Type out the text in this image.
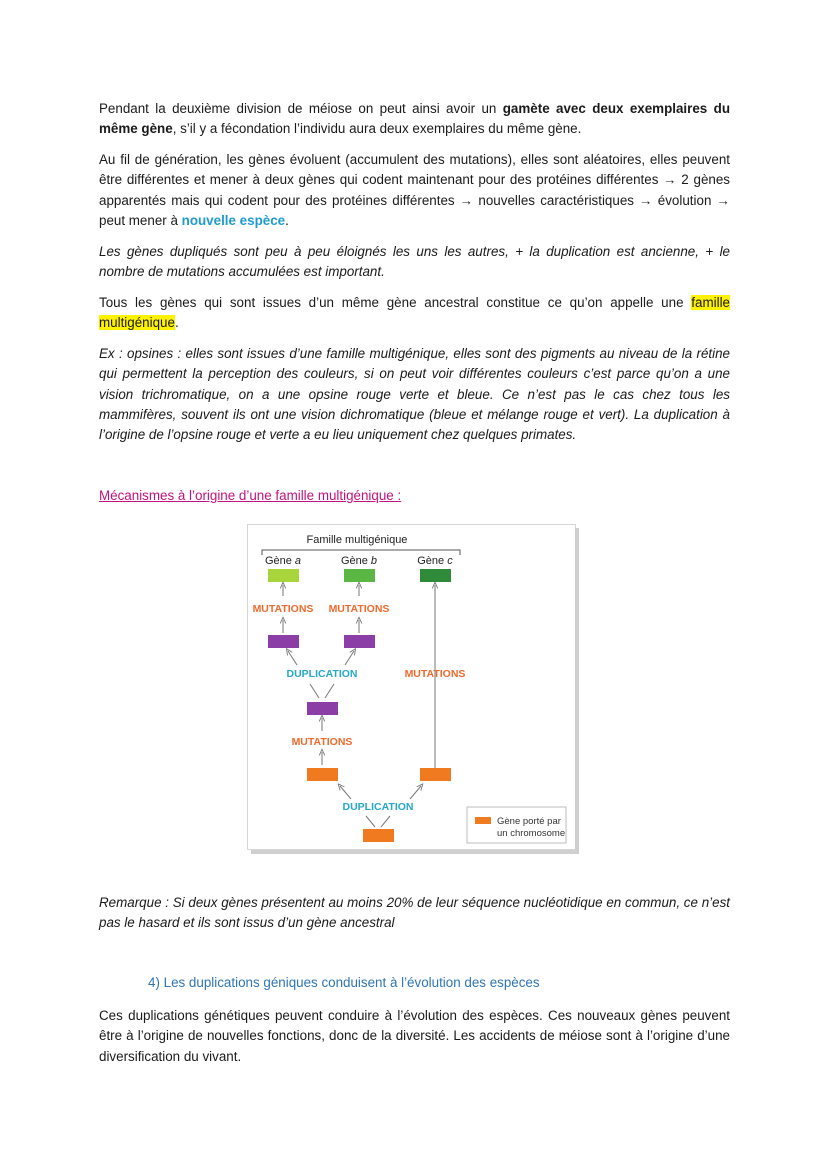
Pendant la deuxième division de méiose on peut ainsi avoir un gamète avec deux exemplaires du même gène, s’il y a fécondation l’individu aura deux exemplaires du même gène.

Au fil de génération, les gènes évoluent (accumulent des mutations), elles sont aléatoires, elles peuvent être différentes et mener à deux gènes qui codent maintenant pour des protéines différentes → 2 gènes apparentés mais qui codent pour des protéines différentes → nouvelles caractéristiques → évolution → peut mener à nouvelle espèce.

Les gènes dupliqués sont peu à peu éloignés les uns les autres, + la duplication est ancienne, + le nombre de mutations accumulées est important.

Tous les gènes qui sont issues d’un même gène ancestral constitue ce qu’on appelle une famille multigénique.

Ex : opsines : elles sont issues d’une famille multigénique, elles sont des pigments au niveau de la rétine qui permettent la perception des couleurs, si on peut voir différentes couleurs c’est parce qu’on a une vision trichromatique, on a une opsine rouge verte et bleue. Ce n’est pas le cas chez tous les mammifères, souvent ils ont une vision dichromatique (bleue et mélange rouge et vert). La duplication à l’origine de l’opsine rouge et verte a eu lieu uniquement chez quelques primates.

Mécanismes à l’origine d’une famille multigénique :

Famille multigénique
Gène a	Gène b	Gène c
MUTATIONS MUTATIONS
MUTATIONS
DUPLICATION
MUTATIONS
DUPLICATION
Gène porté par
un chromosome

Remarque : Si deux gènes présentent au moins 20% de leur séquence nucléotidique en commun, ce n’est pas le hasard et ils sont issus d’un gène ancestral

4) Les duplications géniques conduisent à l’évolution des espèces

Ces duplications génétiques peuvent conduire à l’évolution des espèces. Ces nouveaux gènes peuvent être à l’origine de nouvelles fonctions, donc de la diversité. Les accidents de méiose sont à l’origine d’une diversification du vivant.
